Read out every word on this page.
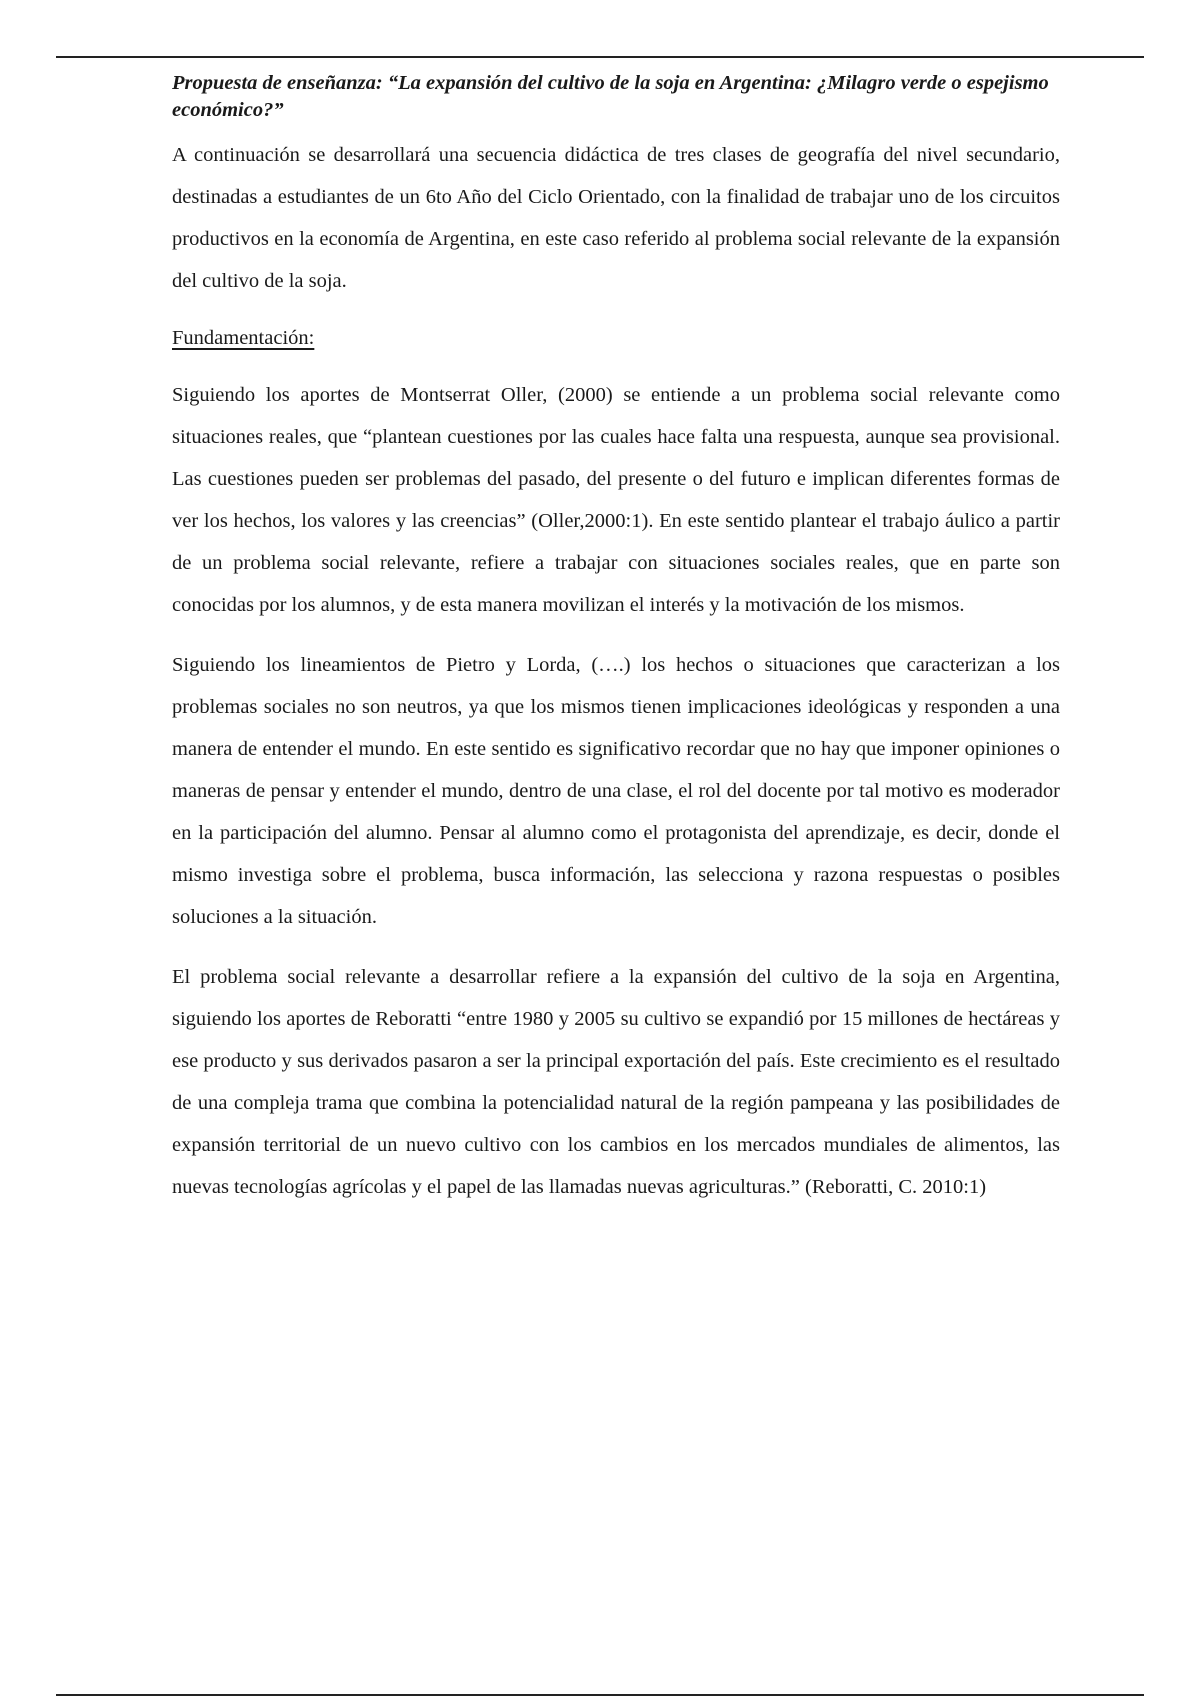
Propuesta de enseñanza: “La expansión del cultivo de la soja en Argentina: ¿Milagro verde o espejismo económico?”

A continuación se desarrollará una secuencia didáctica de tres clases de geografía del nivel secundario, destinadas a estudiantes de un 6to Año del Ciclo Orientado, con la finalidad de trabajar uno de los circuitos productivos en la economía de Argentina, en este caso referido al problema social relevante de la expansión del cultivo de la soja.

Fundamentación:

Siguiendo los aportes de Montserrat Oller, (2000) se entiende a un problema social relevante como situaciones reales, que “plantean cuestiones por las cuales hace falta una respuesta, aunque sea provisional. Las cuestiones pueden ser problemas del pasado, del presente o del futuro e implican diferentes formas de ver los hechos, los valores y las creencias” (Oller,2000:1). En este sentido plantear el trabajo áulico a partir de un problema social relevante, refiere a trabajar con situaciones sociales reales, que en parte son conocidas por los alumnos, y de esta manera movilizan el interés y la motivación de los mismos.

Siguiendo los lineamientos de Pietro y Lorda, (….) los hechos o situaciones que caracterizan a los problemas sociales no son neutros, ya que los mismos tienen implicaciones ideológicas y responden a una manera de entender el mundo. En este sentido es significativo recordar que no hay que imponer opiniones o maneras de pensar y entender el mundo, dentro de una clase, el rol del docente por tal motivo es moderador en la participación del alumno. Pensar al alumno como el protagonista del aprendizaje, es decir, donde el mismo investiga sobre el problema, busca información, las selecciona y razona respuestas o posibles soluciones a la situación.

El problema social relevante a desarrollar refiere a la expansión del cultivo de la soja en Argentina, siguiendo los aportes de Reboratti “entre 1980 y 2005 su cultivo se expandió por 15 millones de hectáreas y ese producto y sus derivados pasaron a ser la principal exportación del país. Este crecimiento es el resultado de una compleja trama que combina la potencialidad natural de la región pampeana y las posibilidades de expansión territorial de un nuevo cultivo con los cambios en los mercados mundiales de alimentos, las nuevas tecnologías agrícolas y el papel de las llamadas nuevas agriculturas.” (Reboratti, C. 2010:1)
